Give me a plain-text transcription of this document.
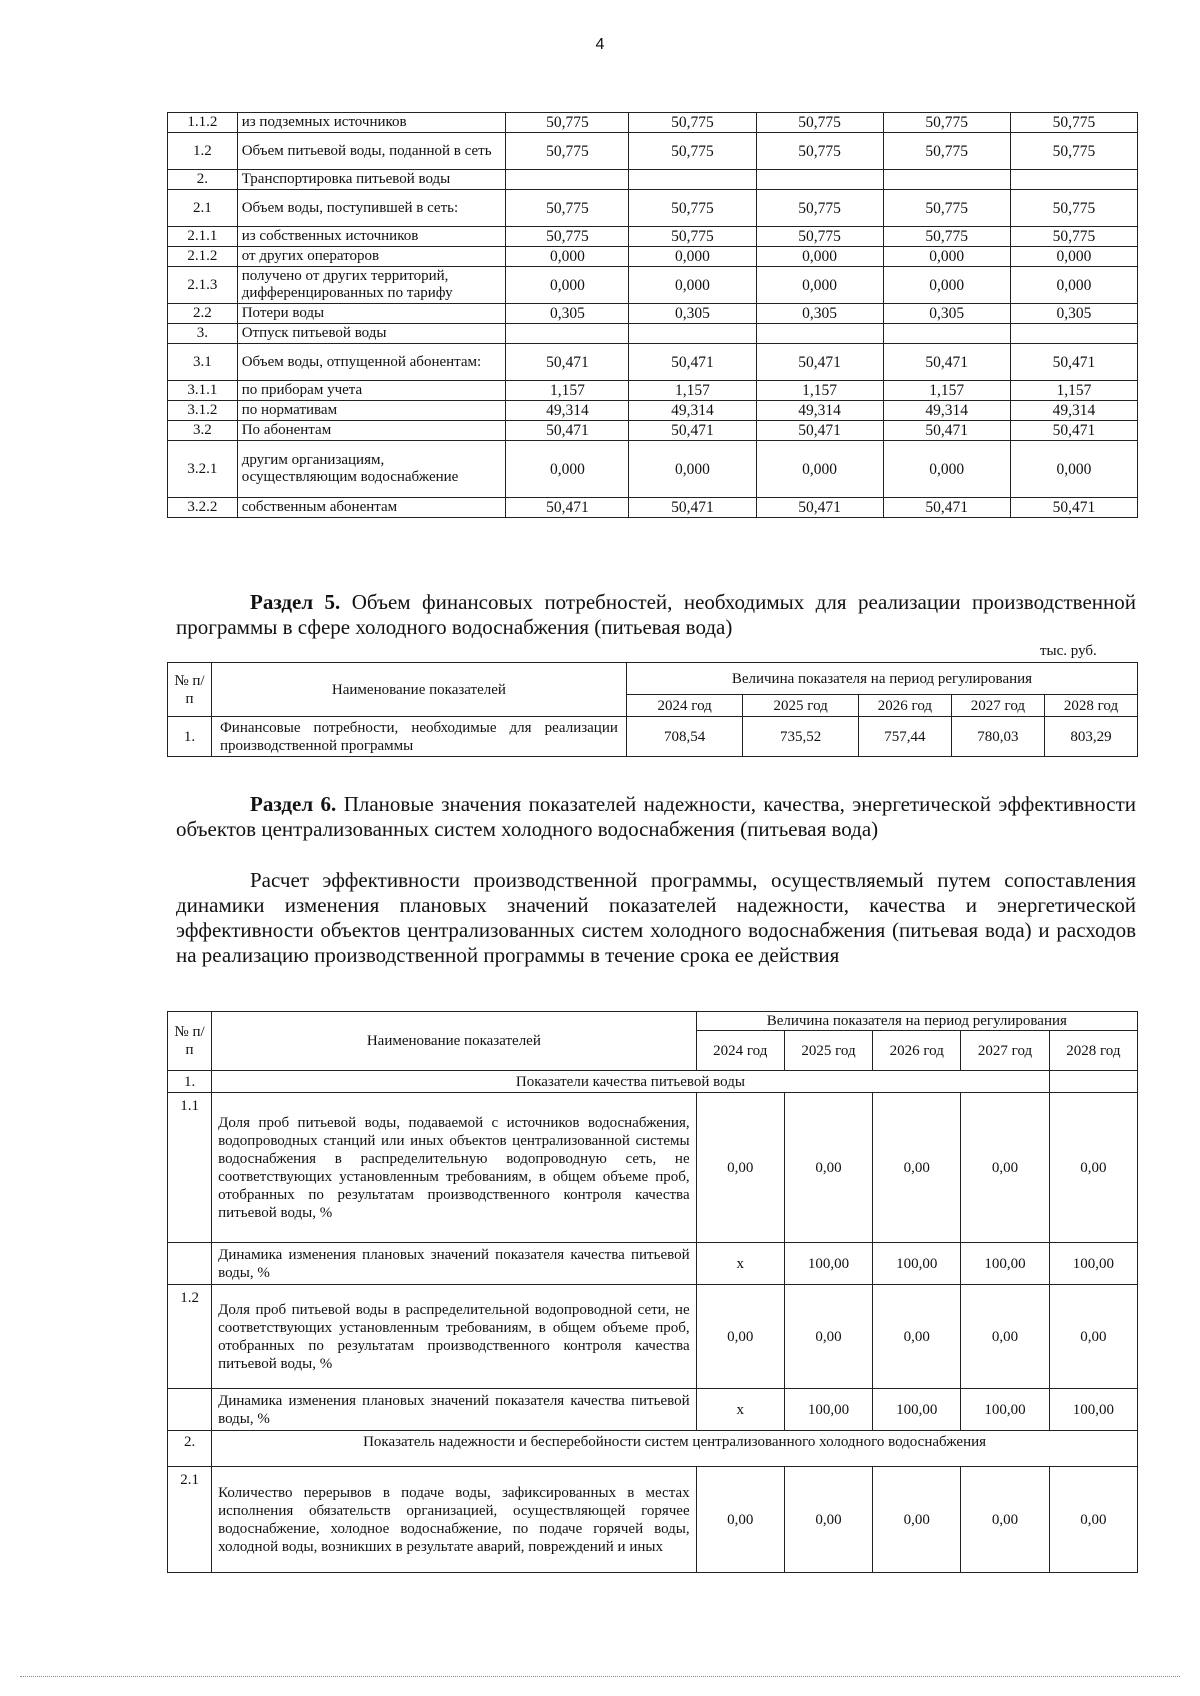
4
1.1.2	из подземных источников	50,775	50,775	50,775	50,775	50,775
1.2	Объем питьевой воды, поданной в сеть	50,775	50,775	50,775	50,775	50,775
2.	Транспортировка питьевой воды					
2.1	Объем воды, поступившей в сеть:	50,775	50,775	50,775	50,775	50,775
2.1.1	из собственных источников	50,775	50,775	50,775	50,775	50,775
2.1.2	от других операторов	0,000	0,000	0,000	0,000	0,000
2.1.3	получено от других территорий, дифференцированных по тарифу	0,000	0,000	0,000	0,000	0,000
2.2	Потери воды	0,305	0,305	0,305	0,305	0,305
3.	Отпуск питьевой воды					
3.1	Объем воды, отпущенной абонентам:	50,471	50,471	50,471	50,471	50,471
3.1.1	по приборам учета	1,157	1,157	1,157	1,157	1,157
3.1.2	по нормативам	49,314	49,314	49,314	49,314	49,314
3.2	По абонентам	50,471	50,471	50,471	50,471	50,471
3.2.1	другим организациям, осуществляющим водоснабжение	0,000	0,000	0,000	0,000	0,000
3.2.2	собственным абонентам	50,471	50,471	50,471	50,471	50,471
Раздел 5. Объем финансовых потребностей, необходимых для реализации производственной программы в сфере холодного водоснабжения (питьевая вода)
тыс. руб.
№ п/п	Наименование показателей	Величина показателя на период регулирования				
		2024 год	2025 год	2026 год	2027 год	2028 год
1.	Финансовые потребности, необходимые для реализации производственной программы	708,54	735,52	757,44	780,03	803,29
Раздел 6. Плановые значения показателей надежности, качества, энергетической эффективности объектов централизованных систем холодного водоснабжения (питьевая вода)
Расчет эффективности производственной программы, осуществляемый путем сопоставления динамики изменения плановых значений показателей надежности, качества и энергетической эффективности объектов централизованных систем холодного водоснабжения (питьевая вода) и расходов на реализацию производственной программы в течение срока ее действия
№ п/п	Наименование показателей	Величина показателя на период регулирования				
		2024 год	2025 год	2026 год	2027 год	2028 год

1.	Показатели качества питьевой воды					
1.1	Доля проб питьевой воды, подаваемой с источников водоснабжения, водопроводных станций или иных объектов централизованной системы водоснабжения в распределительную водопроводную сеть, не соответствующих установленным требованиям, в общем объеме проб, отобранных по результатам производственного контроля качества питьевой воды, %	0,00	0,00	0,00	0,00	0,00
	Динамика изменения плановых значений показателя качества питьевой воды, %	x	100,00	100,00	100,00	100,00
1.2	Доля проб питьевой воды в распределительной водопроводной сети, не соответствующих установленным требованиям, в общем объеме проб, отобранных по результатам производственного контроля качества питьевой воды, %	0,00	0,00	0,00	0,00	0,00
	Динамика изменения плановых значений показателя качества питьевой воды, %	x	100,00	100,00	100,00	100,00
2.	Показатель надежности и бесперебойности систем централизованного холодного водоснабжения					
2.1	Количество перерывов в подаче воды, зафиксированных в местах исполнения обязательств организацией, осуществляющей горячее водоснабжение, холодное водоснабжение, по подаче горячей воды, холодной воды, возникших в результате аварий, повреждений и иных	0,00	0,00	0,00	0,00	0,00
